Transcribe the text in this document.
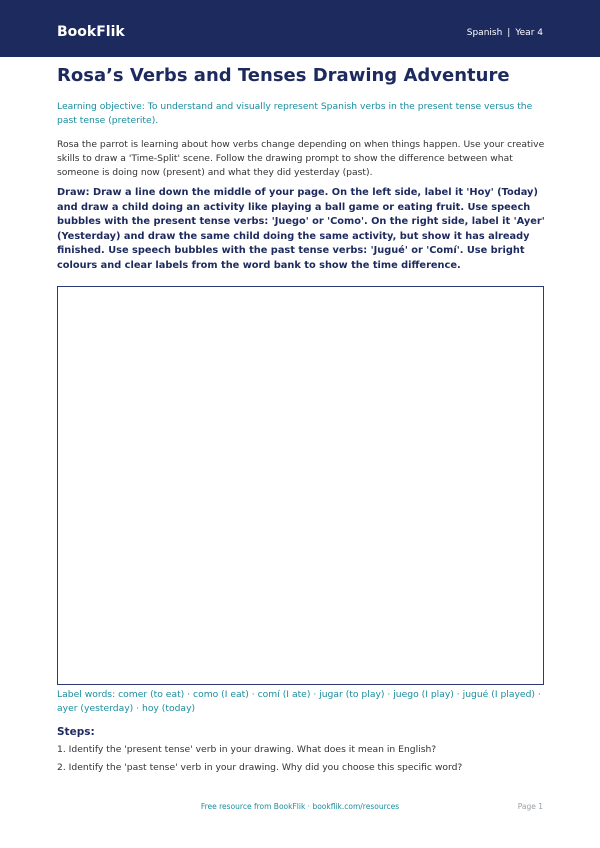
BookFlik	Spanish | Year 4
Rosa’s Verbs and Tenses Drawing Adventure
Learning objective: To understand and visually represent Spanish verbs in the present tense versus the past tense (preterite).
Rosa the parrot is learning about how verbs change depending on when things happen. Use your creative skills to draw a 'Time-Split' scene. Follow the drawing prompt to show the difference between what someone is doing now (present) and what they did yesterday (past).
Draw: Draw a line down the middle of your page. On the left side, label it 'Hoy' (Today) and draw a child doing an activity like playing a ball game or eating fruit. Use speech bubbles with the present tense verbs: 'Juego' or 'Como'. On the right side, label it 'Ayer' (Yesterday) and draw the same child doing the same activity, but show it has already finished. Use speech bubbles with the past tense verbs: 'Jugué' or 'Comí'. Use bright colours and clear labels from the word bank to show the time difference.
Label words: comer (to eat) · como (I eat) · comí (I ate) · jugar (to play) · juego (I play) · jugué (I played) · ayer (yesterday) · hoy (today)
Steps:
1. Identify the 'present tense' verb in your drawing. What does it mean in English?
2. Identify the 'past tense' verb in your drawing. Why did you choose this specific word?
Free resource from BookFlik · bookflik.com/resources	Page 1
